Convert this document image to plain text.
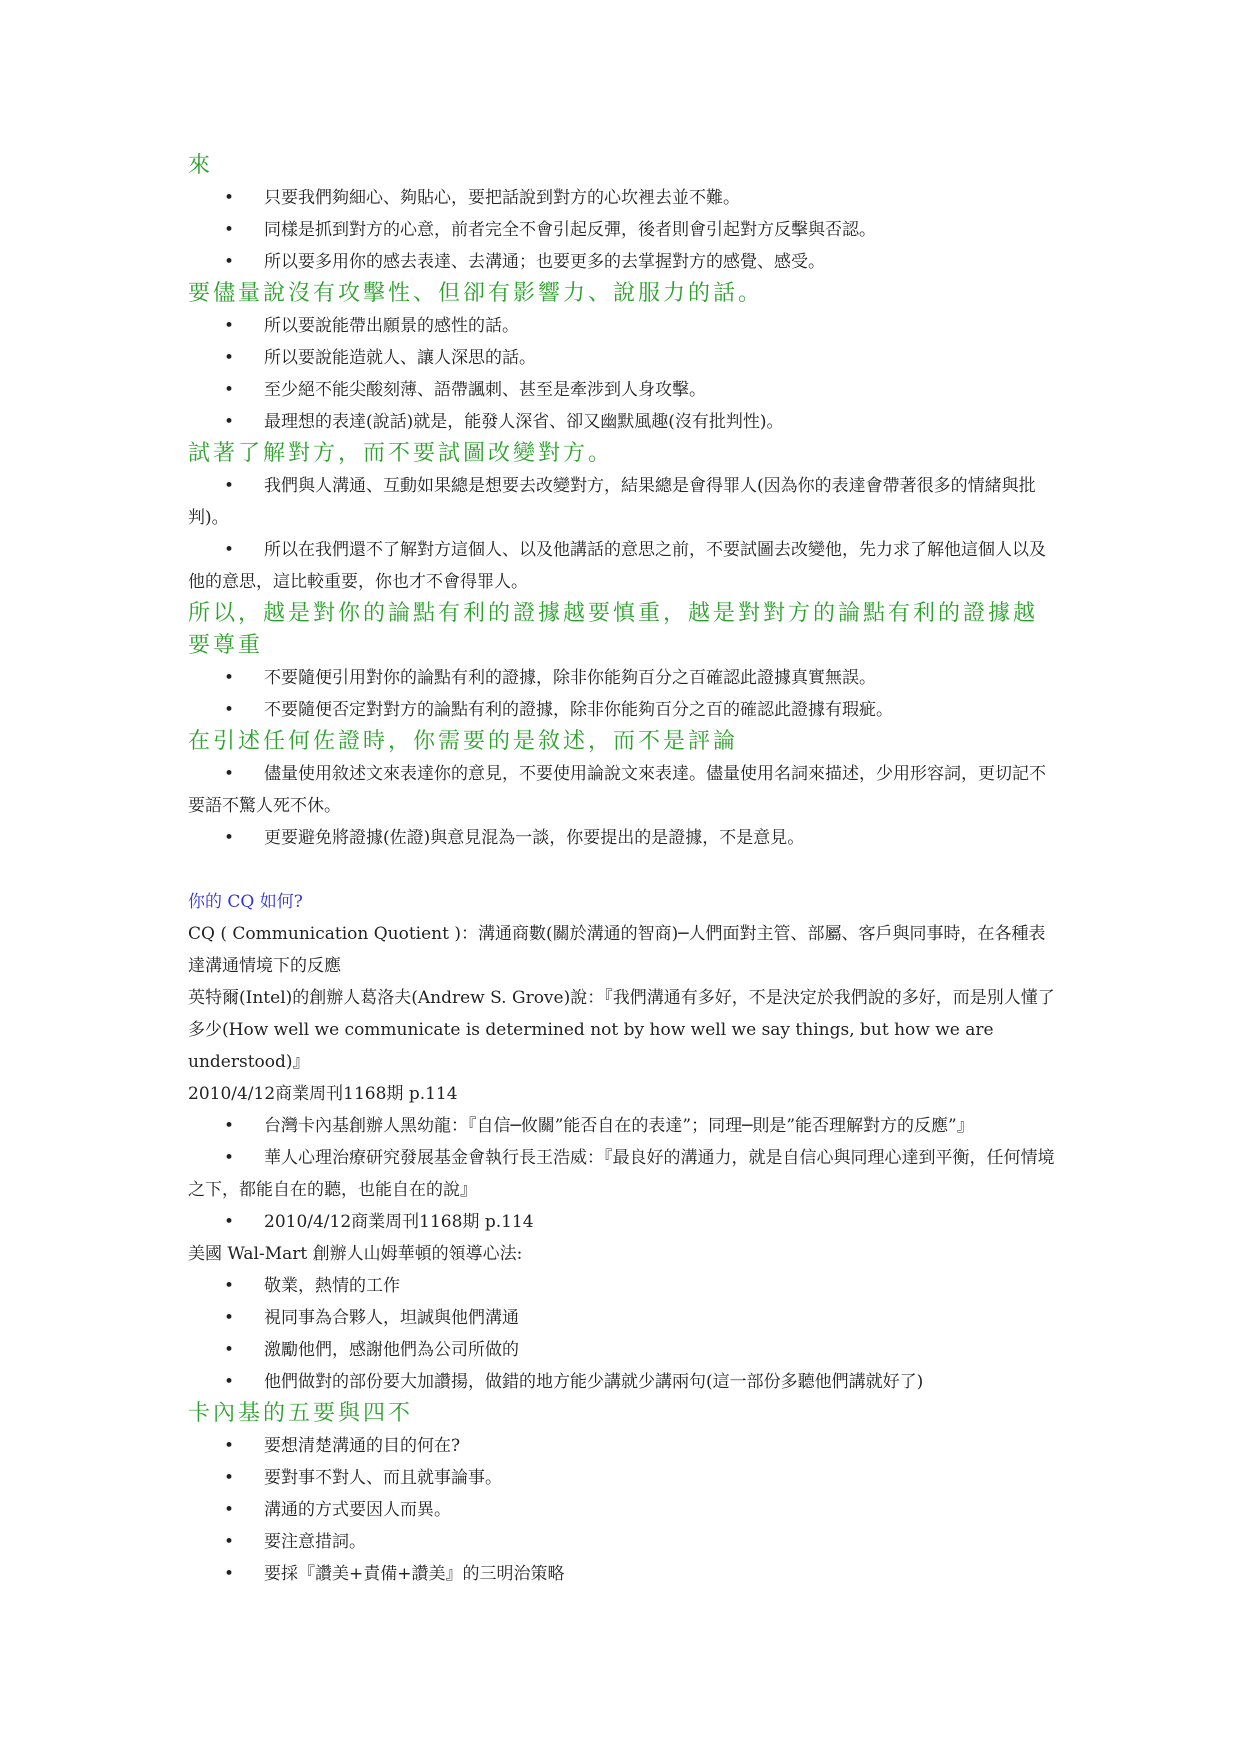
來
• 只要我們夠細心、夠貼心，要把話說到對方的心坎裡去並不難。
• 同樣是抓到對方的心意，前者完全不會引起反彈，後者則會引起對方反擊與否認。
• 所以要多用你的感去表達、去溝通；也要更多的去掌握對方的感覺、感受。
要儘量說沒有攻擊性、但卻有影響力、說服力的話。
• 所以要說能帶出願景的感性的話。
• 所以要說能造就人、讓人深思的話。
• 至少絕不能尖酸刻薄、語帶諷刺、甚至是牽涉到人身攻擊。
• 最理想的表達(說話)就是，能發人深省、卻又幽默風趣(沒有批判性)。
試著了解對方，而不要試圖改變對方。
• 我們與人溝通、互動如果總是想要去改變對方，結果總是會得罪人(因為你的表達會帶著很多的情緒與批判)。
• 所以在我們還不了解對方這個人、以及他講話的意思之前，不要試圖去改變他，先力求了解他這個人以及他的意思，這比較重要，你也才不會得罪人。
所以，越是對你的論點有利的證據越要慎重，越是對對方的論點有利的證據越要尊重
• 不要隨便引用對你的論點有利的證據，除非你能夠百分之百確認此證據真實無誤。
• 不要隨便否定對對方的論點有利的證據，除非你能夠百分之百的確認此證據有瑕疵。
在引述任何佐證時，你需要的是敘述，而不是評論
• 儘量使用敘述文來表達你的意見，不要使用論說文來表達。儘量使用名詞來描述，少用形容詞，更切記不要語不驚人死不休。
• 更要避免將證據(佐證)與意見混為一談，你要提出的是證據，不是意見。

你的 CQ 如何?

CQ ( Communication Quotient )：溝通商數(關於溝通的智商)─人們面對主管、部屬、客戶與同事時，在各種表達溝通情境下的反應

英特爾(Intel)的創辦人葛洛夫(Andrew S. Grove)說：『我們溝通有多好，不是決定於我們說的多好，而是別人懂了多少(How well we communicate is determined not by how well we say things, but how we are understood)』

2010/4/12商業周刊1168期 p.114

• 台灣卡內基創辦人黑幼龍：『自信─攸關”能否自在的表達”；同理─則是”能否理解對方的反應”』
• 華人心理治療研究發展基金會執行長王浩威：『最良好的溝通力，就是自信心與同理心達到平衡，任何情境之下，都能自在的聽，也能自在的說』
• 2010/4/12商業周刊1168期 p.114

美國 Wal-Mart 創辦人山姆華頓的領導心法:

• 敬業，熱情的工作
• 視同事為合夥人，坦誠與他們溝通
• 激勵他們，感謝他們為公司所做的
• 他們做對的部份要大加讚揚，做錯的地方能少講就少講兩句(這一部份多聽他們講就好了)
卡內基的五要與四不
• 要想清楚溝通的目的何在?
• 要對事不對人、而且就事論事。
• 溝通的方式要因人而異。
• 要注意措詞。
• 要採『讚美+責備+讚美』的三明治策略
